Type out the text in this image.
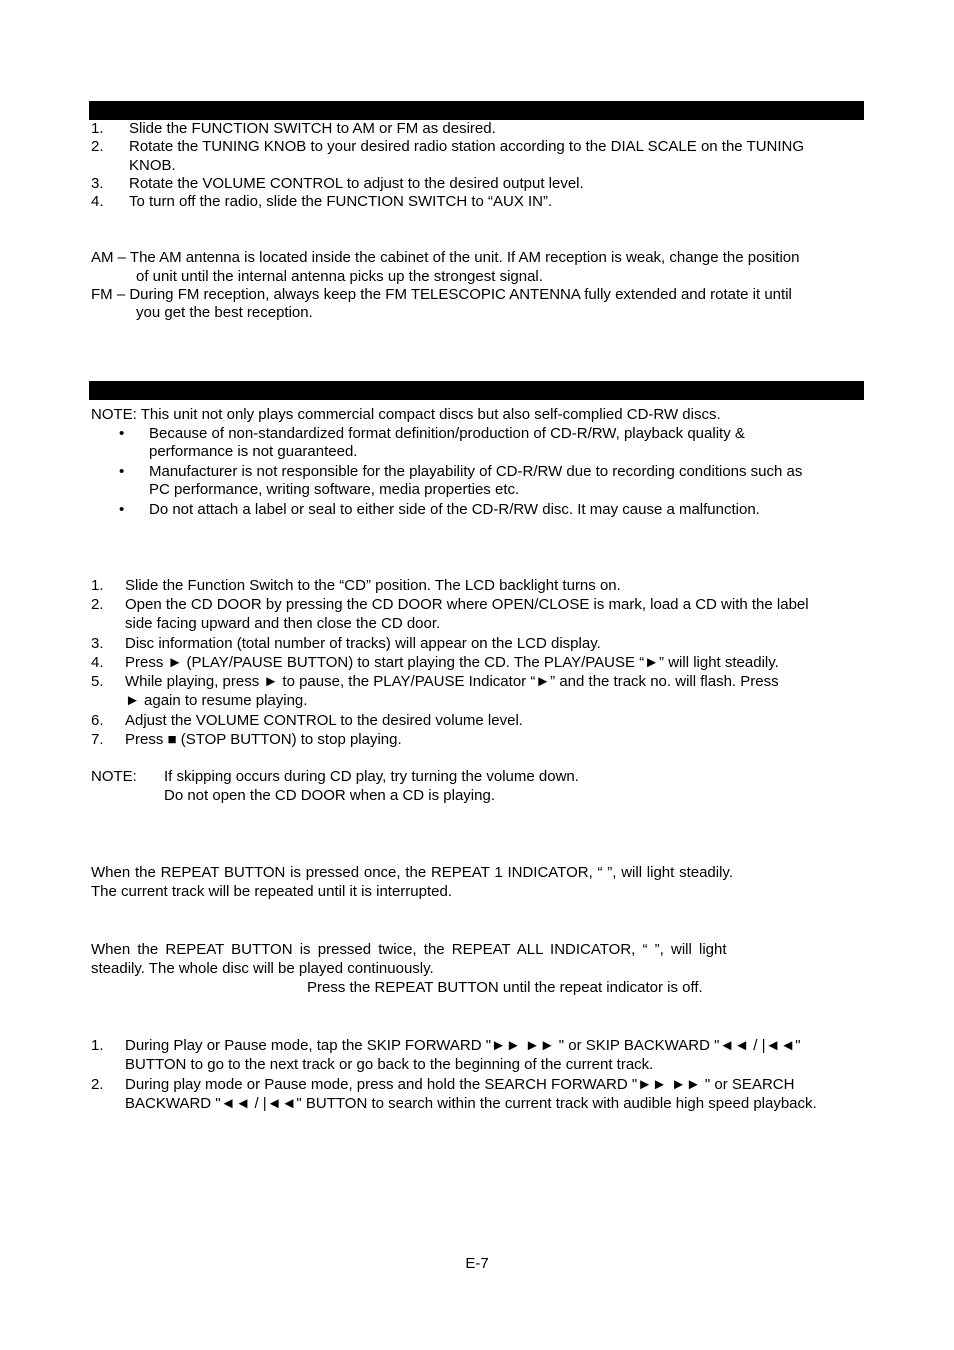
1. Slide the FUNCTION SWITCH to AM or FM as desired.
2. Rotate the TUNING KNOB to your desired radio station according to the DIAL SCALE on the TUNING
KNOB.
3. Rotate the VOLUME CONTROL to adjust to the desired output level.
4. To turn off the radio, slide the FUNCTION SWITCH to “AUX IN”.
AM – The AM antenna is located inside the cabinet of the unit. If AM reception is weak, change the position
of unit until the internal antenna picks up the strongest signal.
FM – During FM reception, always keep the FM TELESCOPIC ANTENNA fully extended and rotate it until
you get the best reception.
NOTE: This unit not only plays commercial compact discs but also self-complied CD-RW discs.
• Because of non-standardized format definition/production of CD-R/RW, playback quality &
performance is not guaranteed.
• Manufacturer is not responsible for the playability of CD-R/RW due to recording conditions such as
PC performance, writing software, media properties etc.
• Do not attach a label or seal to either side of the CD-R/RW disc. It may cause a malfunction.
1. Slide the Function Switch to the “CD” position. The LCD backlight turns on.
2. Open the CD DOOR by pressing the CD DOOR where OPEN/CLOSE is mark, load a CD with the label
side facing upward and then close the CD door.
3. Disc information (total number of tracks) will appear on the LCD display.
4. Press ► (PLAY/PAUSE BUTTON) to start playing the CD. The PLAY/PAUSE “►” will light steadily.
5. While playing, press ► to pause, the PLAY/PAUSE Indicator “►” and the track no. will flash. Press
► again to resume playing.
6. Adjust the VOLUME CONTROL to the desired volume level.
7. Press ■ (STOP BUTTON) to stop playing.
NOTE: If skipping occurs during CD play, try turning the volume down.
Do not open the CD DOOR when a CD is playing.
When the REPEAT BUTTON is pressed once, the REPEAT 1 INDICATOR, “ ”, will light steadily.
The current track will be repeated until it is interrupted.
When the REPEAT BUTTON is pressed twice, the REPEAT ALL INDICATOR, “ ”, will light
steadily. The whole disc will be played continuously.
Press the REPEAT BUTTON until the repeat indicator is off.
1. During Play or Pause mode, tap the SKIP FORWARD "►► ►► " or SKIP BACKWARD "◄◄ / |◄◄"
BUTTON to go to the next track or go back to the beginning of the current track.
2. During play mode or Pause mode, press and hold the SEARCH FORWARD "►► ►► " or SEARCH
BACKWARD "◄◄ / |◄◄" BUTTON to search within the current track with audible high speed playback.
E-7
